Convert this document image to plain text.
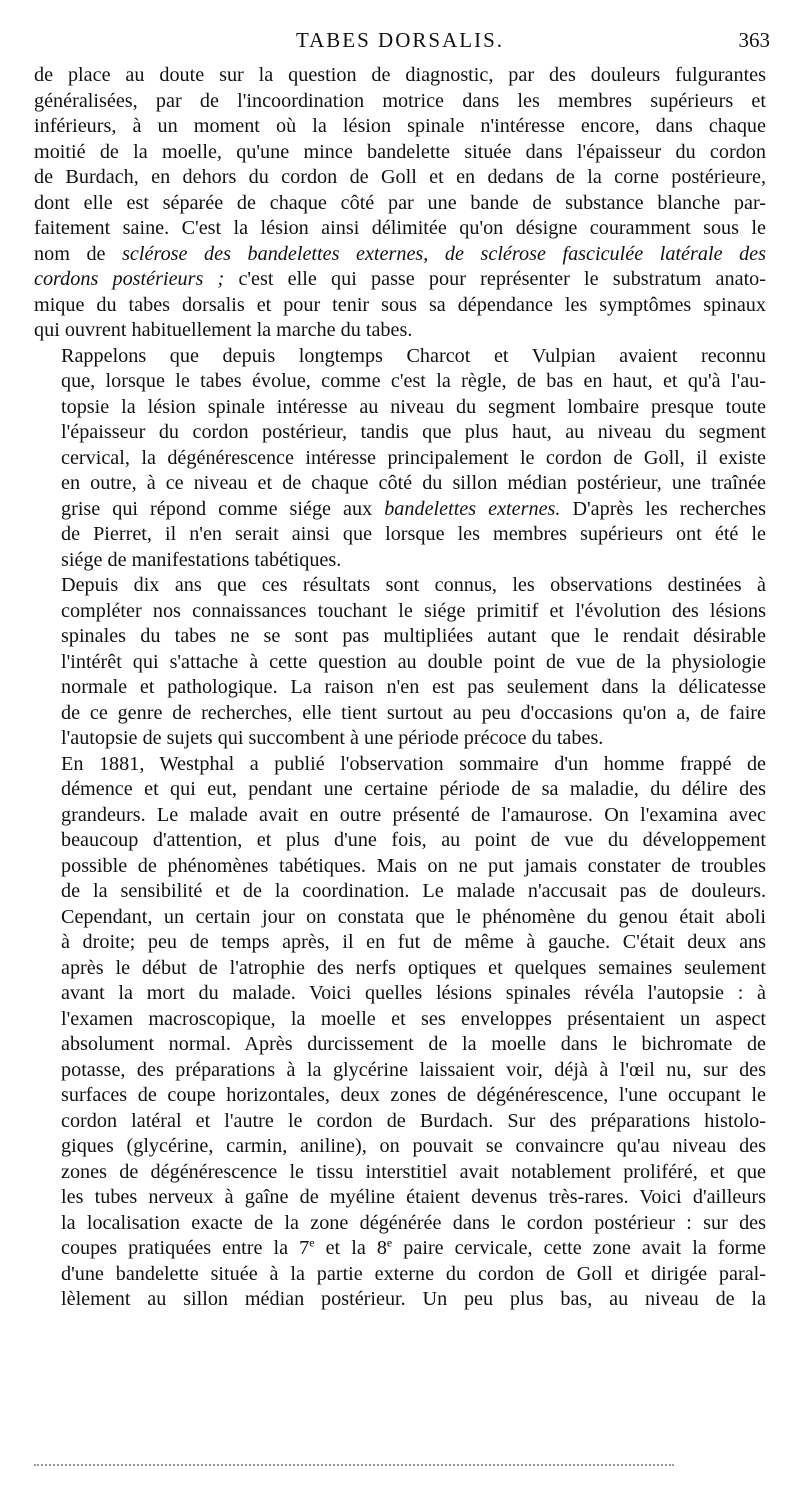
TABES DORSALIS.	363
de place au doute sur la question de diagnostic, par des douleurs fulgurantes
généralisées, par de l'incoordination motrice dans les membres supérieurs et
inférieurs, à un moment où la lésion spinale n'intéresse encore, dans chaque
moitié de la moelle, qu'une mince bandelette située dans l'épaisseur du cordon
de Burdach, en dehors du cordon de Goll et en dedans de la corne postérieure,
dont elle est séparée de chaque côté par une bande de substance blanche par-
faitement saine. C'est la lésion ainsi délimitée qu'on désigne couramment sous le
nom de sclérose des bandelettes externes, de sclérose fasciculée latérale des
cordons postérieurs ; c'est elle qui passe pour représenter le substratum anato-
mique du tabes dorsalis et pour tenir sous sa dépendance les symptômes spinaux
qui ouvrent habituellement la marche du tabes.
Rappelons que depuis longtemps Charcot et Vulpian avaient reconnu
que, lorsque le tabes évolue, comme c'est la règle, de bas en haut, et qu'à l'au-
topsie la lésion spinale intéresse au niveau du segment lombaire presque toute
l'épaisseur du cordon postérieur, tandis que plus haut, au niveau du segment
cervical, la dégénérescence intéresse principalement le cordon de Goll, il existe
en outre, à ce niveau et de chaque côté du sillon médian postérieur, une traînée
grise qui répond comme siége aux bandelettes externes. D'après les recherches
de Pierret, il n'en serait ainsi que lorsque les membres supérieurs ont été le
siége de manifestations tabétiques.
Depuis dix ans que ces résultats sont connus, les observations destinées à
compléter nos connaissances touchant le siége primitif et l'évolution des lésions
spinales du tabes ne se sont pas multipliées autant que le rendait désirable
l'intérêt qui s'attache à cette question au double point de vue de la physiologie
normale et pathologique. La raison n'en est pas seulement dans la délicatesse
de ce genre de recherches, elle tient surtout au peu d'occasions qu'on a, de faire
l'autopsie de sujets qui succombent à une période précoce du tabes.
En 1881, Westphal a publié l'observation sommaire d'un homme frappé de
démence et qui eut, pendant une certaine période de sa maladie, du délire des
grandeurs. Le malade avait en outre présenté de l'amaurose. On l'examina avec
beaucoup d'attention, et plus d'une fois, au point de vue du développement
possible de phénomènes tabétiques. Mais on ne put jamais constater de troubles
de la sensibilité et de la coordination. Le malade n'accusait pas de douleurs.
Cependant, un certain jour on constata que le phénomène du genou était aboli
à droite; peu de temps après, il en fut de même à gauche. C'était deux ans
après le début de l'atrophie des nerfs optiques et quelques semaines seulement
avant la mort du malade. Voici quelles lésions spinales révéla l'autopsie : à
l'examen macroscopique, la moelle et ses enveloppes présentaient un aspect
absolument normal. Après durcissement de la moelle dans le bichromate de
potasse, des préparations à la glycérine laissaient voir, déjà à l'œil nu, sur des
surfaces de coupe horizontales, deux zones de dégénérescence, l'une occupant le
cordon latéral et l'autre le cordon de Burdach. Sur des préparations histolo-
giques (glycérine, carmin, aniline), on pouvait se convaincre qu'au niveau des
zones de dégénérescence le tissu interstitiel avait notablement proliféré, et que
les tubes nerveux à gaîne de myéline étaient devenus très-rares. Voici d'ailleurs
la localisation exacte de la zone dégénérée dans le cordon postérieur : sur des
coupes pratiquées entre la 7e et la 8e paire cervicale, cette zone avait la forme
d'une bandelette située à la partie externe du cordon de Goll et dirigée paral-
lèlement au sillon médian postérieur. Un peu plus bas, au niveau de la
